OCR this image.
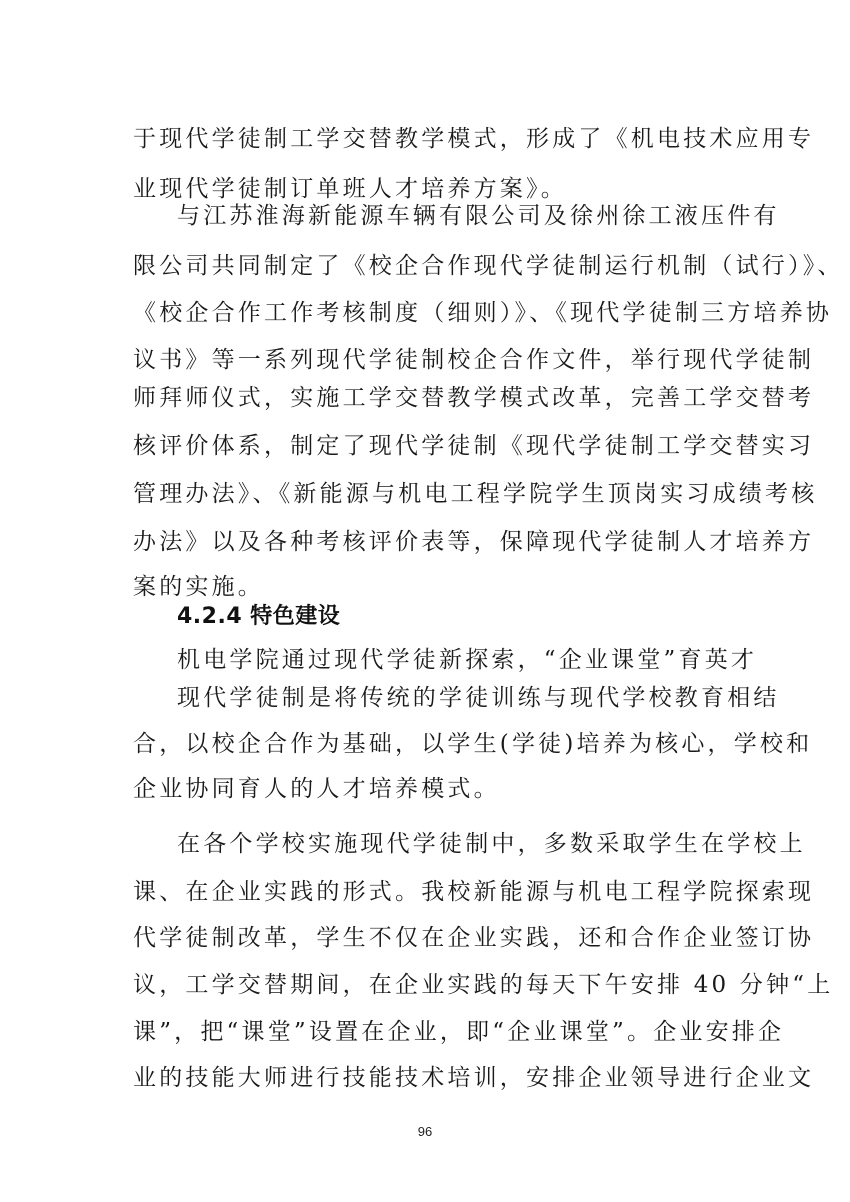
于现代学徒制工学交替教学模式，形成了《机电技术应用专
业现代学徒制订单班人才培养方案》。
与江苏淮海新能源车辆有限公司及徐州徐工液压件有
限公司共同制定了《校企合作现代学徒制运行机制（试行）》、
《校企合作工作考核制度（细则）》、《现代学徒制三方培养协
议书》等一系列现代学徒制校企合作文件，举行现代学徒制
师拜师仪式，实施工学交替教学模式改革，完善工学交替考
核评价体系，制定了现代学徒制《现代学徒制工学交替实习
管理办法》、《新能源与机电工程学院学生顶岗实习成绩考核
办法》以及各种考核评价表等，保障现代学徒制人才培养方
案的实施。
4.2.4 特色建设
机电学院通过现代学徒新探索，“企业课堂”育英才
现代学徒制是将传统的学徒训练与现代学校教育相结
合，以校企合作为基础，以学生(学徒)培养为核心，学校和
企业协同育人的人才培养模式。
在各个学校实施现代学徒制中，多数采取学生在学校上
课、在企业实践的形式。我校新能源与机电工程学院探索现
代学徒制改革，学生不仅在企业实践，还和合作企业签订协
议，工学交替期间，在企业实践的每天下午安排 40 分钟“上
课”，把“课堂”设置在企业，即“企业课堂”。企业安排企
业的技能大师进行技能技术培训，安排企业领导进行企业文
96
